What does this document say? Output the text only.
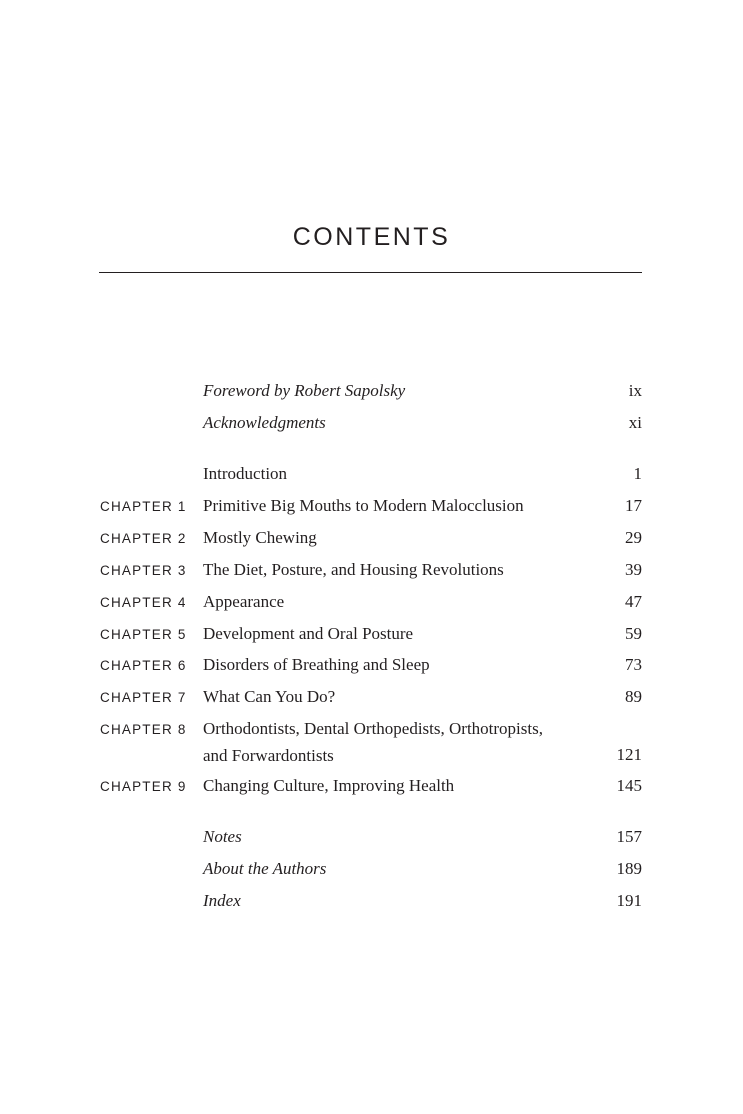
CONTENTS
Foreword by Robert Sapolsky	ix
Acknowledgments	xi
Introduction	1
CHAPTER 1 Primitive Big Mouths to Modern Malocclusion	17
CHAPTER 2 Mostly Chewing	29
CHAPTER 3 The Diet, Posture, and Housing Revolutions	39
CHAPTER 4 Appearance	47
CHAPTER 5 Development and Oral Posture	59
CHAPTER 6 Disorders of Breathing and Sleep	73
CHAPTER 7 What Can You Do?	89
CHAPTER 8 Orthodontists, Dental Orthopedists, Orthotropists,
and Forwardontists	121
CHAPTER 9 Changing Culture, Improving Health	145
Notes	157
About the Authors	189
Index	191
